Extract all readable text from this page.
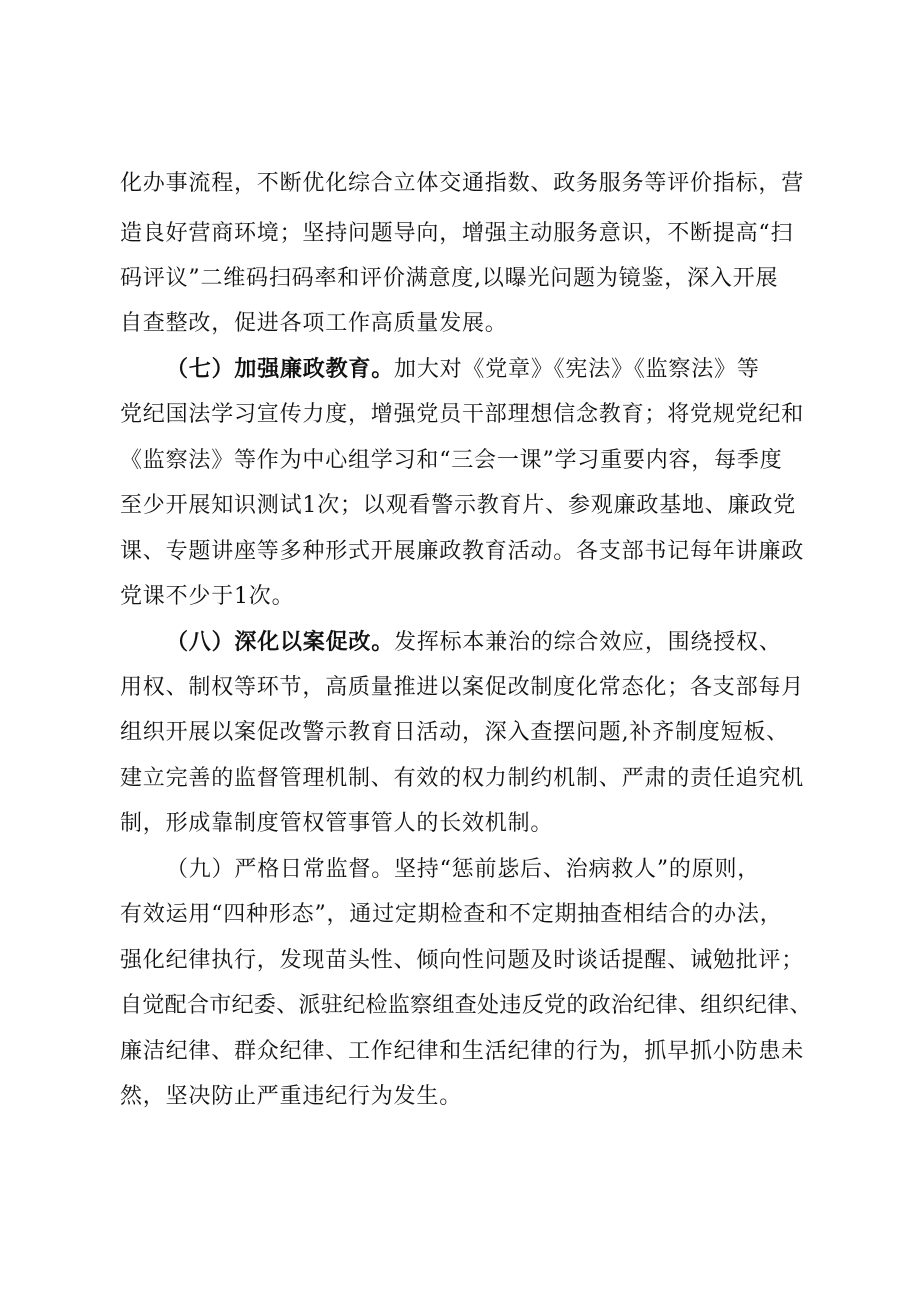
化办事流程，不断优化综合立体交通指数、政务服务等评价指标，营

造良好营商环境；坚持问题导向，增强主动服务意识，不断提高“扫

码评议”二维码扫码率和评价满意度,以曝光问题为镜鉴，深入开展

自查整改，促进各项工作高质量发展。

（七）加强廉政教育。加大对《党章》《宪法》《监察法》等

党纪国法学习宣传力度，增强党员干部理想信念教育；将党规党纪和

《监察法》等作为中心组学习和“三会一课”学习重要内容，每季度

至少开展知识测试1次；以观看警示教育片、参观廉政基地、廉政党

课、专题讲座等多种形式开展廉政教育活动。各支部书记每年讲廉政

党课不少于1次。

（八）深化以案促改。发挥标本兼治的综合效应，围绕授权、

用权、制权等环节，高质量推进以案促改制度化常态化；各支部每月

组织开展以案促改警示教育日活动，深入查摆问题,补齐制度短板、

建立完善的监督管理机制、有效的权力制约机制、严肃的责任追究机

制，形成靠制度管权管事管人的长效机制。

（九）严格日常监督。坚持“惩前毖后、治病救人”的原则，

有效运用“四种形态”，通过定期检查和不定期抽查相结合的办法，

强化纪律执行，发现苗头性、倾向性问题及时谈话提醒、诫勉批评；

自觉配合市纪委、派驻纪检监察组查处违反党的政治纪律、组织纪律、

廉洁纪律、群众纪律、工作纪律和生活纪律的行为，抓早抓小防患未

然，坚决防止严重违纪行为发生。
